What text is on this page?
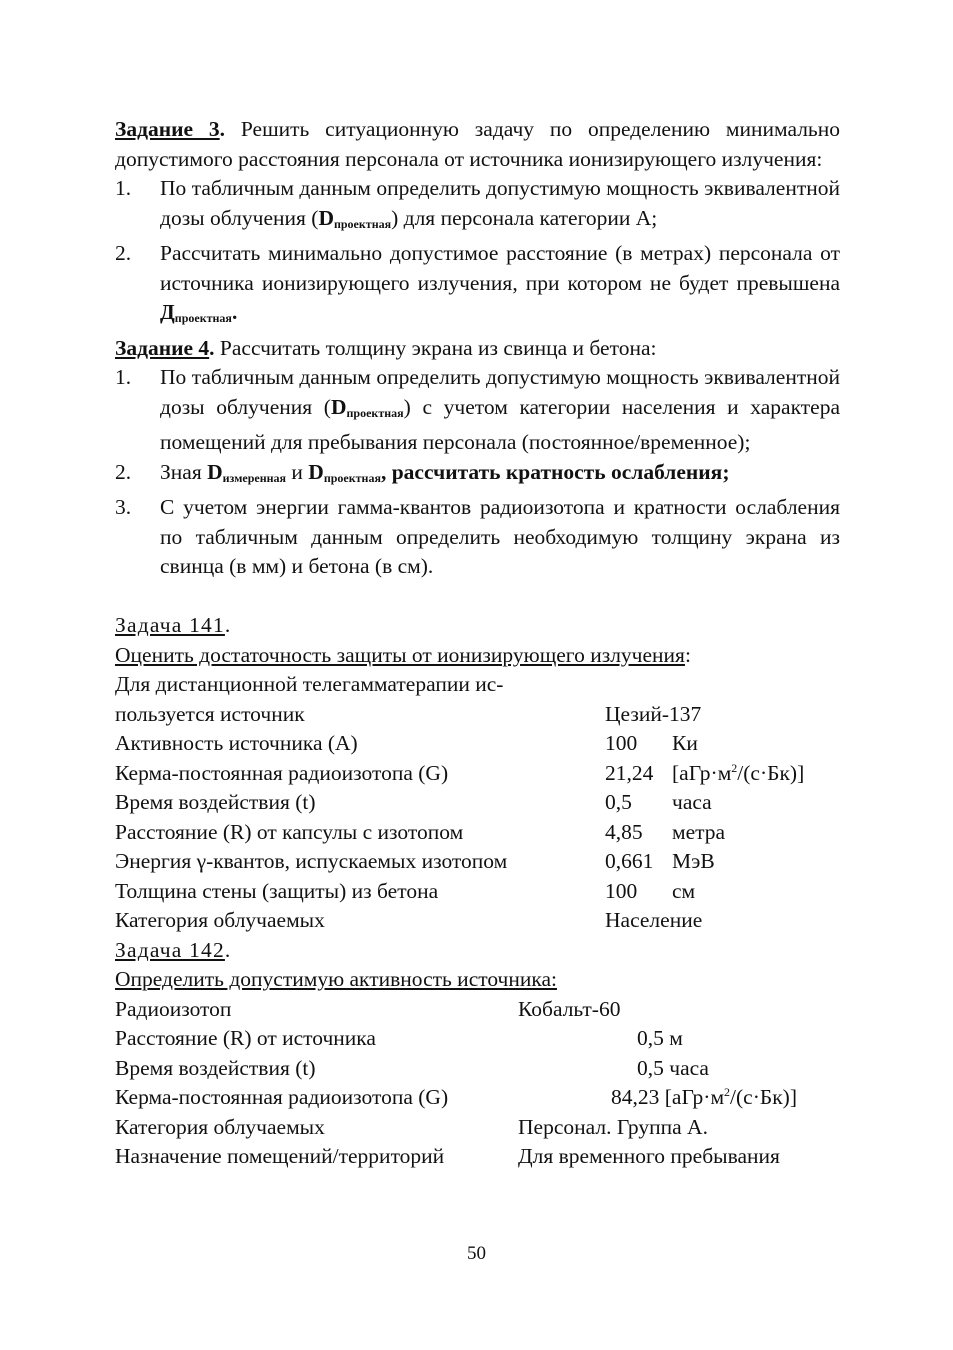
Задание 3. Решить ситуационную задачу по определению минимально допустимого расстояния персонала от источника ионизирующего излучения:

1. По табличным данным определить допустимую мощность эквивалентной дозы облучения $(D_{проектная})$ для персонала категории А;
2. Рассчитать минимально допустимое расстояние (в метрах) персонала от источника ионизирующего излучения, при котором не будет превышена $Д_{проектная}$.

Задание 4. Рассчитать толщину экрана из свинца и бетона:

1. По табличным данным определить допустимую мощность эквивалентной дозы облучения $(D_{проектная})$ с учетом категории населения и характера помещений для пребывания персонала (постоянное/временное);
2. Зная $D_{измеренная}$ и $D_{проектная}$, рассчитать кратность ослабления;
3. С учетом энергии гамма-квантов радиоизотопа и кратности ослабления по табличным данным определить необходимую толщину экрана из свинца (в мм) и бетона (в см).

Задача 141.

Оценить достаточность защиты от ионизирующего излучения:

Для дистанционной телегамматерапии ис-

пользуется источник	Цезий-137
Активность источника (А)	100 Ки
Керма-постоянная радиоизотопа (G)	21,24 $[аГр\cdot м^2/(с\cdot Бк)]$
Время воздействия (t)	0,5 часа
Расстояние (R) от капсулы с изотопом	4,85 метра
Энергия γ-квантов, испускаемых изотопом	0,661 МэВ
Толщина стены (защиты) из бетона	100 см
Категория облучаемых	Население

Задача 142.

Определить допустимую активность источника:

Радиоизотоп	Кобальт-60
Расстояние (R) от источника	0,5 м
Время воздействия (t)	0,5 часа
Керма-постоянная радиоизотопа (G)	84,23 $[аГр\cdot м^2/(с\cdot Бк)]$
Категория облучаемых	Персонал. Группа А.
Назначение помещений/территорий	Для временного пребывания
50
